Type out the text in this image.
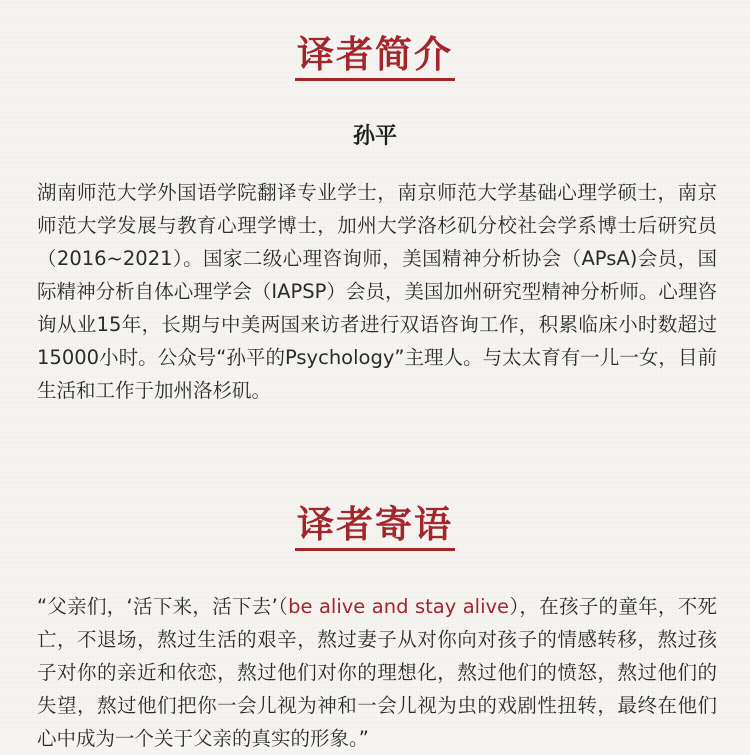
译者简介
孙平

湖南师范大学外国语学院翻译专业学士，南京师范大学基础心理学硕士，南京师范大学发展与教育心理学博士，加州大学洛杉矶分校社会学系博士后研究员（2016~2021）。国家二级心理咨询师，美国精神分析协会（APsA)会员，国际精神分析自体心理学会（IAPSP）会员，美国加州研究型精神分析师。心理咨询从业15年，长期与中美两国来访者进行双语咨询工作，积累临床小时数超过15000小时。公众号“孙平的Psychology”主理人。与太太育有一儿一女，目前生活和工作于加州洛杉矶。

译者寄语

“父亲们，‘活下来，活下去’（be alive and stay alive），在孩子的童年，不死亡，不退场，熬过生活的艰辛，熬过妻子从对你向对孩子的情感转移，熬过孩子对你的亲近和依恋，熬过他们对你的理想化，熬过他们的愤怒，熬过他们的失望，熬过他们把你一会儿视为神和一会儿视为虫的戏剧性扭转，最终在他们心中成为一个关于父亲的真实的形象。”
